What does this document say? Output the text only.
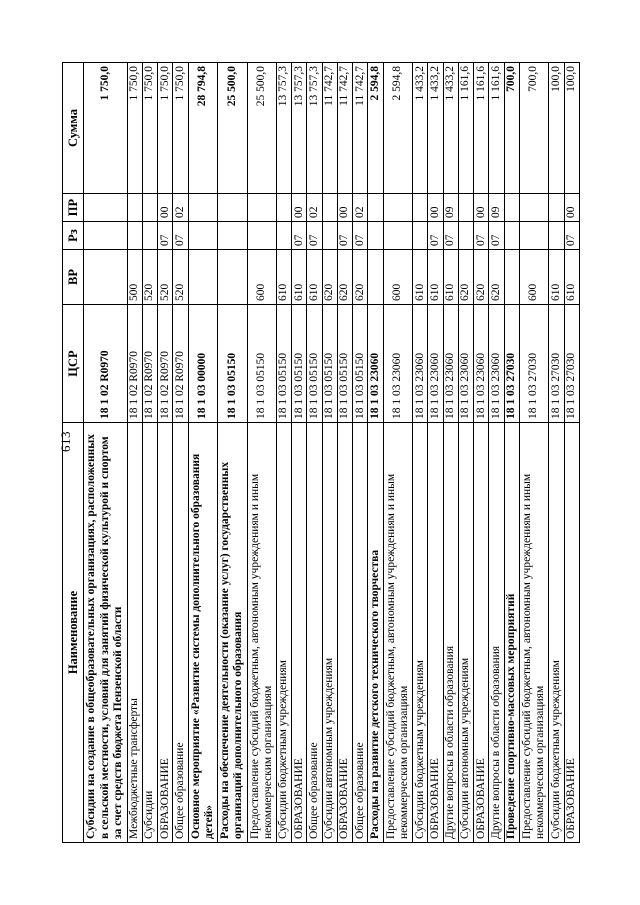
613
Наименование	ЦСР	ВР	Рз	ПР	Сумма
Субсидии на создание в общеобразовательных организациях, расположенных в сельской местности, условий для занятий физической культурой и спортом за счет средств бюджета Пензенской области	18 1 02 R0970				1 750,0
Межбюджетные трансферты	18 1 02 R0970	500			1 750,0
Субсидии	18 1 02 R0970	520			1 750,0
ОБРАЗОВАНИЕ	18 1 02 R0970	520	07	00	1 750,0
Общее образование	18 1 02 R0970	520	07	02	1 750,0
Основное мероприятие «Развитие системы дополнительного образования детей»	18 1 03 00000				28 794,8
Расходы на обеспечение деятельности (оказание услуг) государственных организаций дополнительного образования	18 1 03 05150				25 500,0
Предоставление субсидий бюджетным, автономным учреждениям и иным некоммерческим организациям	18 1 03 05150	600			25 500,0
Субсидии бюджетным учреждениям	18 1 03 05150	610			13 757,3
ОБРАЗОВАНИЕ	18 1 03 05150	610	07	00	13 757,3
Общее образование	18 1 03 05150	610	07	02	13 757,3
Субсидии автономным учреждениям	18 1 03 05150	620			11 742,7
ОБРАЗОВАНИЕ	18 1 03 05150	620	07	00	11 742,7
Общее образование	18 1 03 05150	620	07	02	11 742,7
Расходы на развитие детского технического творчества	18 1 03 23060				2 594,8
Предоставление субсидий бюджетным, автономным учреждениям и иным некоммерческим организациям	18 1 03 23060	600			2 594,8
Субсидии бюджетным учреждениям	18 1 03 23060	610			1 433,2
ОБРАЗОВАНИЕ	18 1 03 23060	610	07	00	1 433,2
Другие вопросы в области образования	18 1 03 23060	610	07	09	1 433,2
Субсидии автономным учреждениям	18 1 03 23060	620			1 161,6
ОБРАЗОВАНИЕ	18 1 03 23060	620	07	00	1 161,6
Другие вопросы в области образования	18 1 03 23060	620	07	09	1 161,6
Проведение спортивно-массовых мероприятий	18 1 03 27030				700,0
Предоставление субсидий бюджетным, автономным учреждениям и иным некоммерческим организациям	18 1 03 27030	600			700,0
Субсидии бюджетным учреждениям	18 1 03 27030	610			100,0
ОБРАЗОВАНИЕ	18 1 03 27030	610	07	00	100,0
